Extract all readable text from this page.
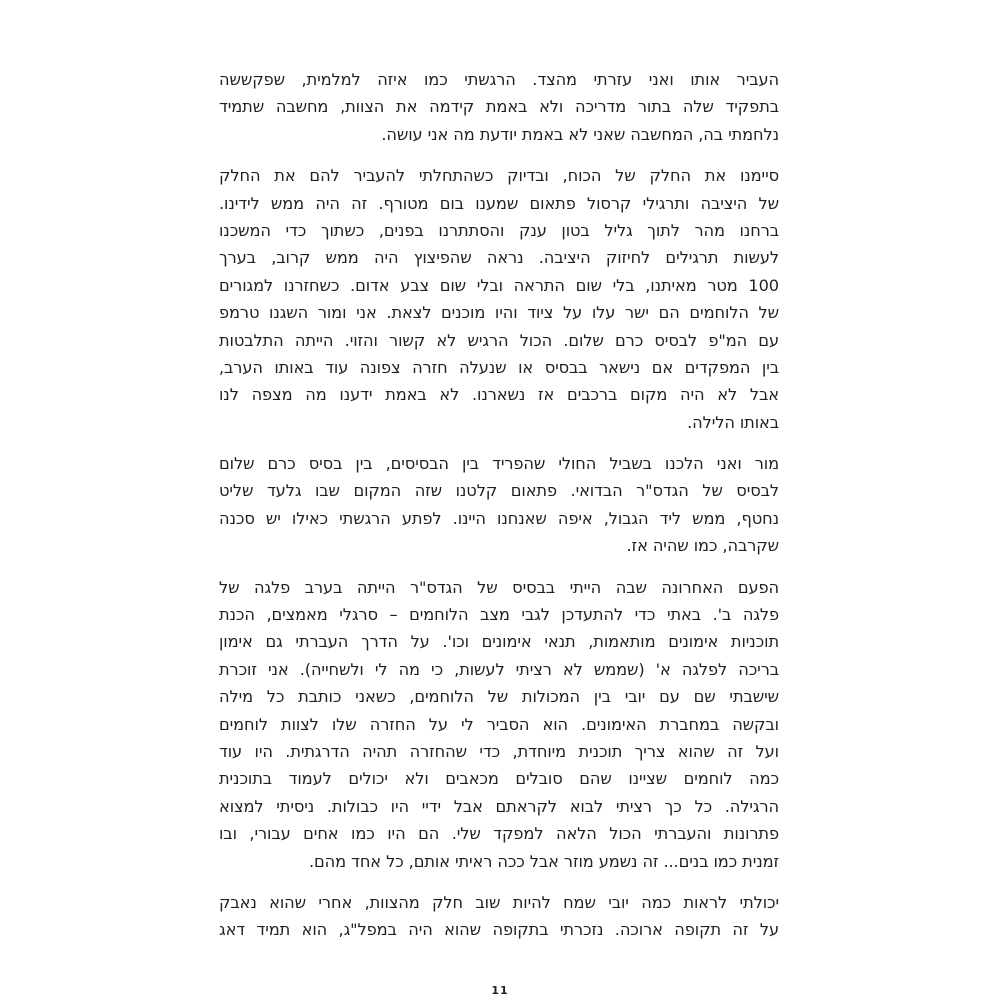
העביר אותו ואני עזרתי מהצד. הרגשתי כמו איזה למלמית, שפקששה
בתפקיד שלה בתור מדריכה ולא באמת קידמה את הצוות, מחשבה שתמיד
נלחמתי בה, המחשבה שאני לא באמת יודעת מה אני עושה.

סיימנו את החלק של הכוח, ובדיוק כשהתחלתי להעביר להם את החלק
של היציבה ותרגילי קרסול פתאום שמענו בום מטורף. זה היה ממש לידינו.
ברחנו מהר לתוך גליל בטון ענק והסתתרנו בפנים, כשתוך כדי המשכנו
לעשות תרגילים לחיזוק היציבה. נראה שהפיצוץ היה ממש קרוב, בערך
100 מטר מאיתנו, בלי שום התראה ובלי שום צבע אדום. כשחזרנו למגורים
של הלוחמים הם ישר עלו על ציוד והיו מוכנים לצאת. אני ומור השגנו טרמפ
עם המ"פ לבסיס כרם שלום. הכול הרגיש לא קשור והזוי. הייתה התלבטות
בין המפקדים אם נישאר בבסיס או שנעלה חזרה צפונה עוד באותו הערב,
אבל לא היה מקום ברכבים אז נשארנו. לא באמת ידענו מה מצפה לנו
באותו הלילה.

מור ואני הלכנו בשביל החולי שהפריד בין הבסיסים, בין בסיס כרם שלום
לבסיס של הגדס"ר הבדואי. פתאום קלטנו שזה המקום שבו גלעד שליט
נחטף, ממש ליד הגבול, איפה שאנחנו היינו. לפתע הרגשתי כאילו יש סכנה
שקרבה, כמו שהיה אז.

הפעם האחרונה שבה הייתי בבסיס של הגדס"ר הייתה בערב פלגה של
פלגה ב'. באתי כדי להתעדכן לגבי מצב הלוחמים – סרגלי מאמצים, הכנת
תוכניות אימונים מותאמות, תנאי אימונים וכו'. על הדרך העברתי גם אימון
בריכה לפלגה א' (שממש לא רציתי לעשות, כי מה לי ולשחייה). אני זוכרת
שישבתי שם עם יובי בין המכולות של הלוחמים, כשאני כותבת כל מילה
ובקשה במחברת האימונים. הוא הסביר לי על החזרה שלו לצוות לוחמים
ועל זה שהוא צריך תוכנית מיוחדת, כדי שהחזרה תהיה הדרגתית. היו עוד
כמה לוחמים שציינו שהם סובלים מכאבים ולא יכולים לעמוד בתוכנית
הרגילה. כל כך רציתי לבוא לקראתם אבל ידיי היו כבולות. ניסיתי למצוא
פתרונות והעברתי הכול הלאה למפקד שלי. הם היו כמו אחים עבורי, ובו
זמנית כמו בנים... זה נשמע מוזר אבל ככה ראיתי אותם, כל אחד מהם.

יכולתי לראות כמה יובי שמח להיות שוב חלק מהצוות, אחרי שהוא נאבק
על זה תקופה ארוכה. נזכרתי בתקופה שהוא היה במפל"ג, הוא תמיד דאג

11
